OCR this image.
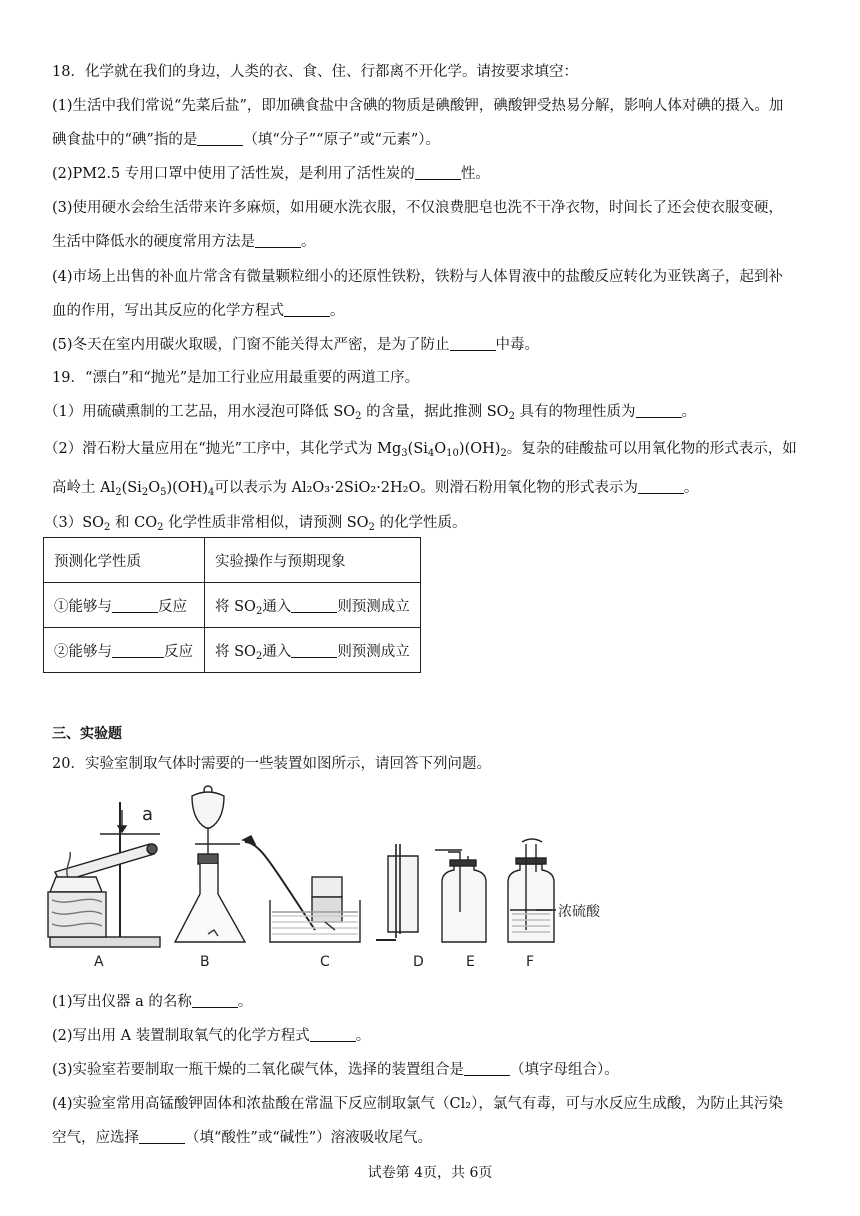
18．化学就在我们的身边，人类的衣、食、住、行都离不开化学。请按要求填空：
(1)生活中我们常说“先菜后盐”，即加碘食盐中含碘的物质是碘酸钾，碘酸钾受热易分解，影响人体对碘的摄入。加
碘食盐中的“碘”指的是	（填“分子”“原子”或“元素”）。
(2)PM2.5 专用口罩中使用了活性炭，是利用了活性炭的	性。
(3)使用硬水会给生活带来许多麻烦，如用硬水洗衣服，不仅浪费肥皂也洗不干净衣物，时间长了还会使衣服变硬，
生活中降低水的硬度常用方法是	。
(4)市场上出售的补血片常含有微量颗粒细小的还原性铁粉，铁粉与人体胃液中的盐酸反应转化为亚铁离子，起到补
血的作用，写出其反应的化学方程式	。
(5)冬天在室内用碳火取暖，门窗不能关得太严密，是为了防止	中毒。
19．“漂白”和“抛光”是加工行业应用最重要的两道工序。
（1）用硫磺熏制的工艺品，用水浸泡可降低 $SO_2$ 的含量，据此推测 $SO_2$ 具有的物理性质为	。
（2）滑石粉大量应用在“抛光”工序中，其化学式为 $Mg_3(Si_4O_{10})(OH)_2$。复杂的硅酸盐可以用氧化物的形式表示，如
高岭土 $Al_2(Si_2O_5)(OH)_4$可以表示为 Al₂O₃·2SiO₂·2H₂O。则滑石粉用氧化物的形式表示为	。
$(3)SO_2$ 和 $CO_2$ 化学性质非常相似，请预测 $SO_2$ 的化学性质。
预测化学性质	实验操作与预期现象
①能够与 反应	将 $SO_2$通入 则预测成立
②能够与 反应	将 $SO_2$通入 则预测成立
三、实验题
20．实验室制取气体时需要的一些装置如图所示，请回答下列问题。
a
浓硫酸
A	B	C	D	E	F
(1)写出仪器 a 的名称	。
(2)写出用 A 装置制取氧气的化学方程式	。
(3)实验室若要制取一瓶干燥的二氧化碳气体，选择的装置组合是	（填字母组合）。
(4)实验室常用高锰酸钾固体和浓盐酸在常温下反应制取氯气（Cl₂），氯气有毒，可与水反应生成酸，为防止其污染
空气，应选择	（填“酸性”或“碱性”）溶液吸收尾气。
试卷第 4页，共 6页
